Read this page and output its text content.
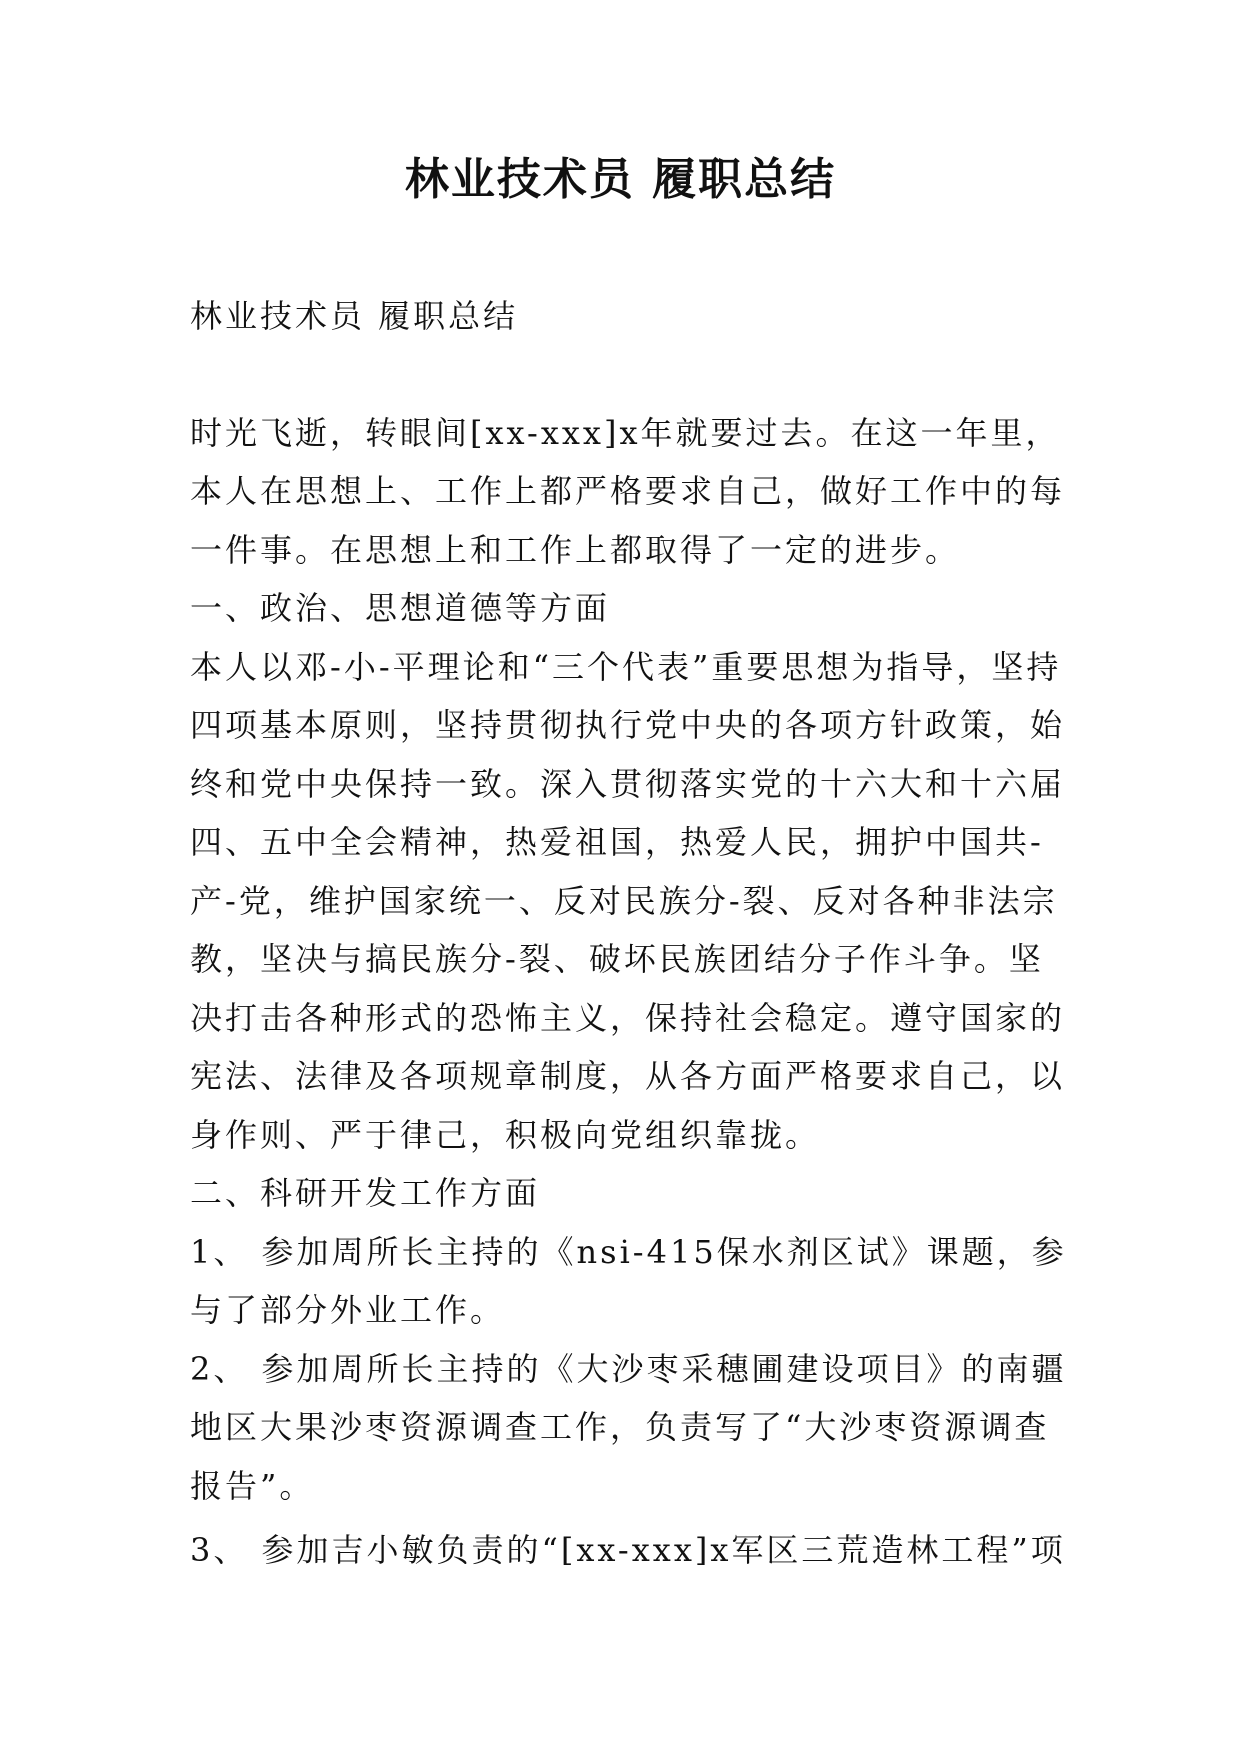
林业技术员 履职总结

林业技术员 履职总结

时光飞逝，转眼间[xx-xxx]x年就要过去。在这一年里，本人在思想上、工作上都严格要求自己，做好工作中的每一件事。在思想上和工作上都取得了一定的进步。

一、政治、思想道德等方面

本人以邓-小-平理论和“三个代表”重要思想为指导，坚持四项基本原则，坚持贯彻执行党中央的各项方针政策，始终和党中央保持一致。深入贯彻落实党的十六大和十六届四、五中全会精神，热爱祖国，热爱人民，拥护中国共-产-党，维护国家统一、反对民族分-裂、反对各种非法宗教，坚决与搞民族分-裂、破坏民族团结分子作斗争。坚决打击各种形式的恐怖主义，保持社会稳定。遵守国家的宪法、法律及各项规章制度，从各方面严格要求自己，以身作则、严于律己，积极向党组织靠拢。

二、科研开发工作方面

1、 参加周所长主持的《nsi-415保水剂区试》课题，参与了部分外业工作。

2、 参加周所长主持的《大沙枣采穗圃建设项目》的南疆地区大果沙枣资源调查工作，负责写了“大沙枣资源调查报告”。

3、 参加吉小敏负责的“[xx-xxx]x军区三荒造林工程”项
